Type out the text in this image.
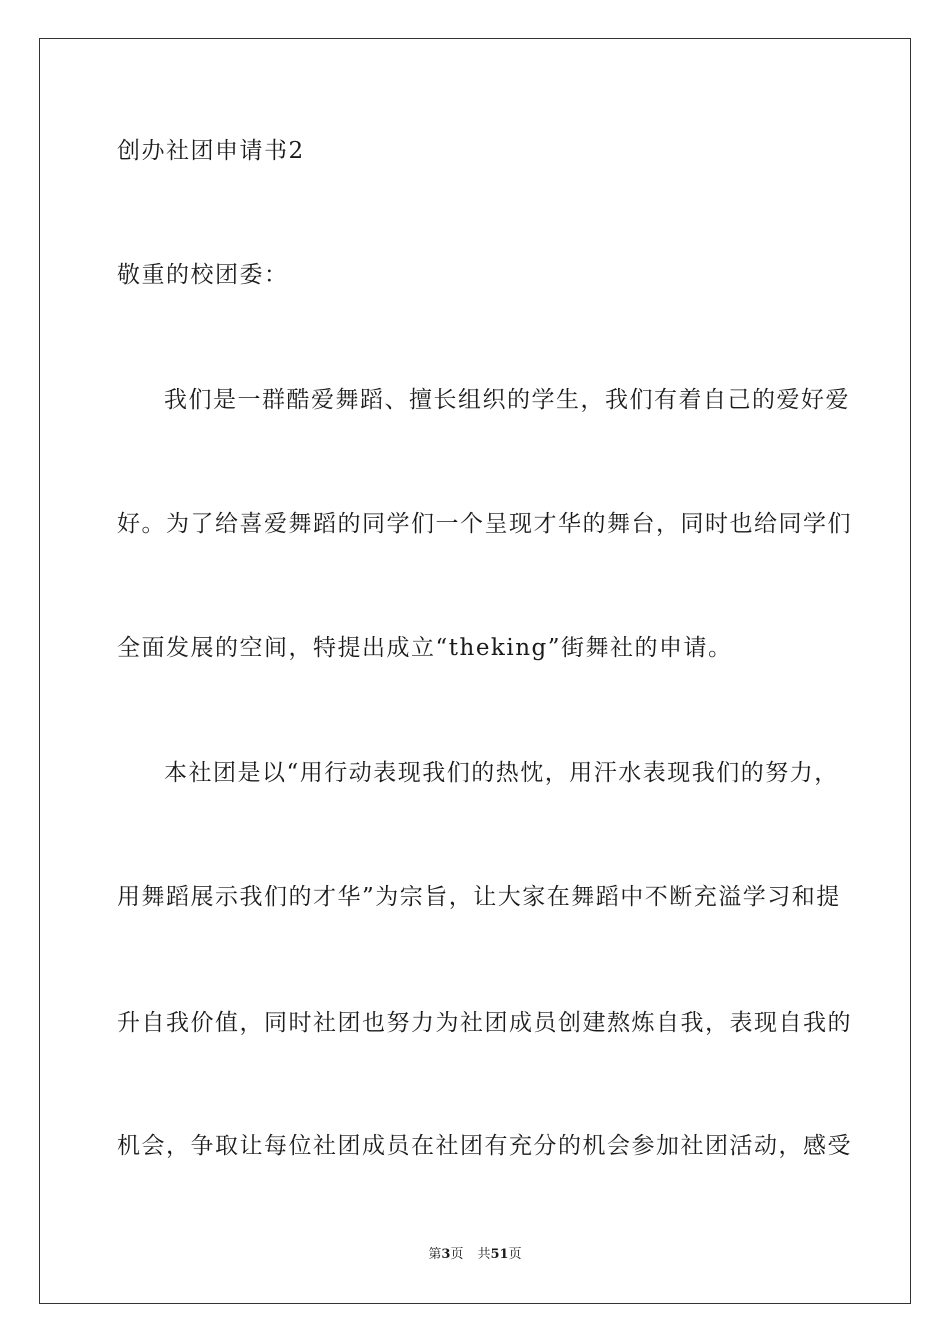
创办社团申请书2
敬重的校团委：
我们是一群酷爱舞蹈、擅长组织的学生，我们有着自己的爱好爱
好。为了给喜爱舞蹈的同学们一个呈现才华的舞台，同时也给同学们
全面发展的空间，特提出成立“theking”街舞社的申请。
本社团是以“用行动表现我们的热忱，用汗水表现我们的努力，
用舞蹈展示我们的才华”为宗旨，让大家在舞蹈中不断充溢学习和提
升自我价值，同时社团也努力为社团成员创建熬炼自我，表现自我的
机会，争取让每位社团成员在社团有充分的机会参加社团活动，感受
第3页 共51页
